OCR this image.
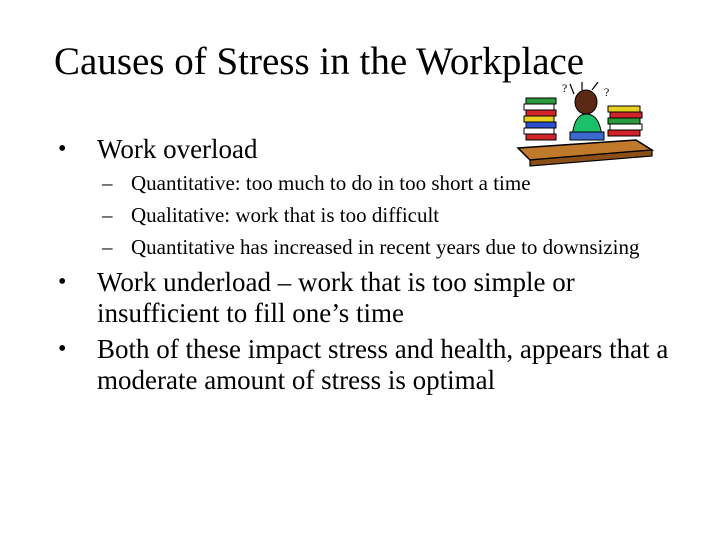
Causes of Stress in the Workplace
?	?
• Work overload
– Quantitative: too much to do in too short a time
– Qualitative: work that is too difficult
– Quantitative has increased in recent years due to downsizing
• Work underload – work that is too simple or insufficient to fill one’s time
• Both of these impact stress and health, appears that a moderate amount of stress is optimal
